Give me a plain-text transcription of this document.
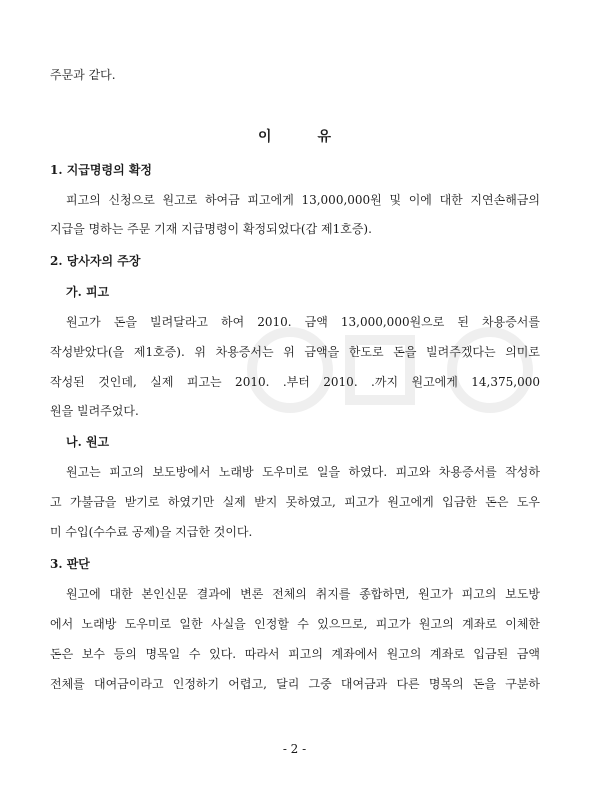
주문과 같다.
이	유
1. 지급명령의 확정
피고의 신청으로 원고로 하여금 피고에게 13,000,000원 및 이에 대한 지연손해금의
지급을 명하는 주문 기재 지급명령이 확정되었다(갑 제1호증).
2. 당사자의 주장
가. 피고
원고가 돈을 빌려달라고 하여 2010. 금액 13,000,000원으로 된 차용증서를
작성받았다(을 제1호증). 위 차용증서는 위 금액을 한도로 돈을 빌려주겠다는 의미로
작성된 것인데, 실제 피고는 2010. .부터 2010. .까지 원고에게 14,375,000
원을 빌려주었다.
나. 원고
원고는 피고의 보도방에서 노래방 도우미로 일을 하였다. 피고와 차용증서를 작성하
고 가불금을 받기로 하였기만 실제 받지 못하였고, 피고가 원고에게 입금한 돈은 도우
미 수입(수수료 공제)을 지급한 것이다.
3. 판단
원고에 대한 본인신문 결과에 변론 전체의 취지를 종합하면, 원고가 피고의 보도방
에서 노래방 도우미로 일한 사실을 인정할 수 있으므로, 피고가 원고의 계좌로 이체한
돈은 보수 등의 명목일 수 있다. 따라서 피고의 계좌에서 원고의 계좌로 입금된 금액
전체를 대여금이라고 인정하기 어렵고, 달리 그중 대여금과 다른 명목의 돈을 구분하
- 2 -
